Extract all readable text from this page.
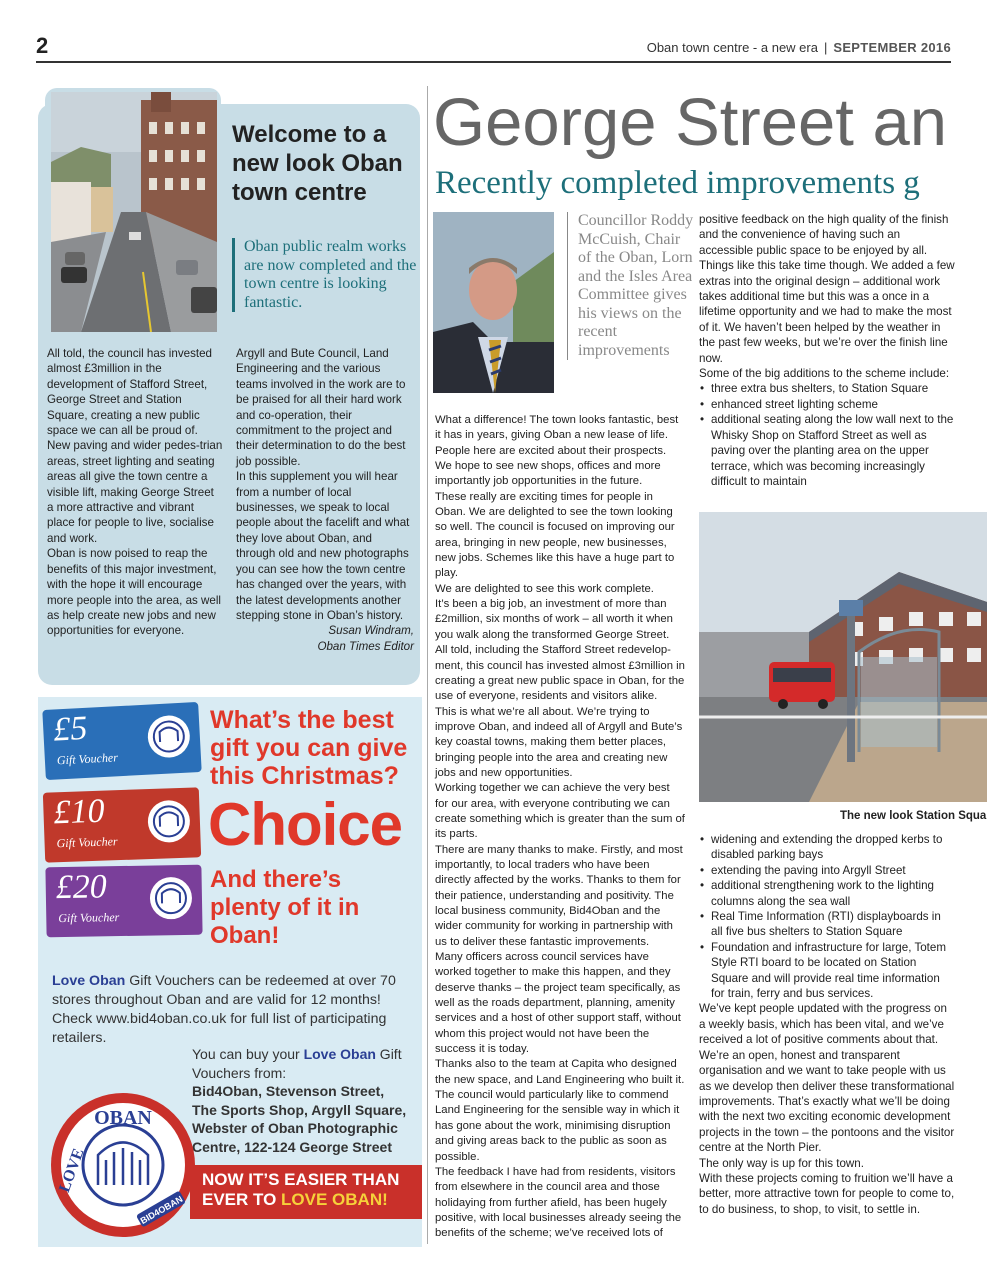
2	Oban town centre - a new era | SEPTEMBER 2016
Welcome to a new look Oban town centre
Oban public realm works are now completed and the town centre is looking fantastic.

All told, the council has invested almost £3million in the development of Stafford Street, George Street and Station Square, creating a new public space we can all be proud of.

New paving and wider pedes-trian areas, street lighting and seating areas all give the town centre a visible lift, making George Street a more attractive and vibrant place for people to live, socialise and work.

Oban is now poised to reap the benefits of this major investment, with the hope it will encourage more people into the area, as well as help create new jobs and new opportunities for everyone.

Argyll and Bute Council, Land Engineering and the various teams involved in the work are to be praised for all their hard work and co-operation, their commitment to the project and their determination to do the best job possible.

In this supplement you will hear from a number of local businesses, we speak to local people about the facelift and what they love about Oban, and through old and new photographs you can see how the town centre has changed over the years, with the latest developments another stepping stone in Oban’s history.

Susan Windram,

Oban Times Editor

£5
Gift Voucher
£10
Gift Voucher
£20
Gift Voucher
What’s the best gift you can give this Christmas?
Choice
And there’s plenty of it in Oban!
Love Oban Gift Vouchers can be redeemed at over 70 stores throughout Oban and are valid for 12 months! Check www.bid4oban.co.uk for full list of participating retailers.
You can buy your Love Oban Gift Vouchers from:
Bid4Oban, Stevenson Street,
The Sports Shop, Argyll Square,
Webster of Oban Photographic
Centre, 122-124 George Street
NOW IT’S EASIER THAN
EVER TO LOVE OBAN!
OBAN
LOVE
BID4OBAN
George Street an
Recently completed improvements g
Councillor Roddy McCuish, Chair of the Oban, Lorn and the Isles Area Committee gives his views on the recent improvements

What a difference! The town looks fantastic, best it has in years, giving Oban a new lease of life. People here are excited about their prospects. We hope to see new shops, offices and more importantly job opportunities in the future.

These really are exciting times for people in Oban. We are delighted to see the town looking so well. The council is focused on improving our area, bringing in new people, new businesses, new jobs. Schemes like this have a huge part to play.

We are delighted to see this work complete.

It’s been a big job, an investment of more than £2million, six months of work – all worth it when you walk along the transformed George Street.

All told, including the Stafford Street redevelop-ment, this council has invested almost £3million in creating a great new public space in Oban, for the use of everyone, residents and visitors alike.

This is what we’re all about. We’re trying to improve Oban, and indeed all of Argyll and Bute’s key coastal towns, making them better places, bringing people into the area and creating new jobs and new opportunities.

Working together we can achieve the very best for our area, with everyone contributing we can create something which is greater than the sum of its parts.

There are many thanks to make. Firstly, and most importantly, to local traders who have been directly affected by the works. Thanks to them for their patience, understanding and positivity. The local business community, Bid4Oban and the wider community for working in partnership with us to deliver these fantastic improvements.

Many officers across council services have worked together to make this happen, and they deserve thanks – the project team specifically, as well as the roads department, planning, amenity services and a host of other support staff, without whom this project would not have been the success it is today.

Thanks also to the team at Capita who designed the new space, and Land Engineering who built it.

The council would particularly like to commend Land Engineering for the sensible way in which it has gone about the work, minimising disruption and giving areas back to the public as soon as possible.

The feedback I have had from residents, visitors from elsewhere in the council area and those holidaying from further afield, has been hugely positive, with local businesses already seeing the benefits of the scheme; we’ve received lots of

positive feedback on the high quality of the finish and the convenience of having such an accessible public space to be enjoyed by all.

Things like this take time though. We added a few extras into the original design – additional work takes additional time but this was a once in a lifetime opportunity and we had to make the most of it. We haven’t been helped by the weather in the past few weeks, but we’re over the finish line now.

Some of the big additions to the scheme include:

• three extra bus shelters, to Station Square
• enhanced street lighting scheme
• additional seating along the low wall next to the Whisky Shop on Stafford Street as well as paving over the planting area on the upper terrace, which was becoming increasingly difficult to maintain
The new look Station Squa
• widening and extending the dropped kerbs to disabled parking bays
• extending the paving into Argyll Street
• additional strengthening work to the lighting columns along the sea wall
• Real Time Information (RTI) displayboards in all five bus shelters to Station Square
• Foundation and infrastructure for large, Totem Style RTI board to be located on Station Square and will provide real time information for train, ferry and bus services.

We’ve kept people updated with the progress on a weekly basis, which has been vital, and we’ve received a lot of positive comments about that. We’re an open, honest and transparent organisation and we want to take people with us as we develop then deliver these transformational improvements. That’s exactly what we’ll be doing with the next two exciting economic development projects in the town – the pontoons and the visitor centre at the North Pier.

The only way is up for this town.

With these projects coming to fruition we’ll have a better, more attractive town for people to come to, to do business, to shop, to visit, to settle in.
